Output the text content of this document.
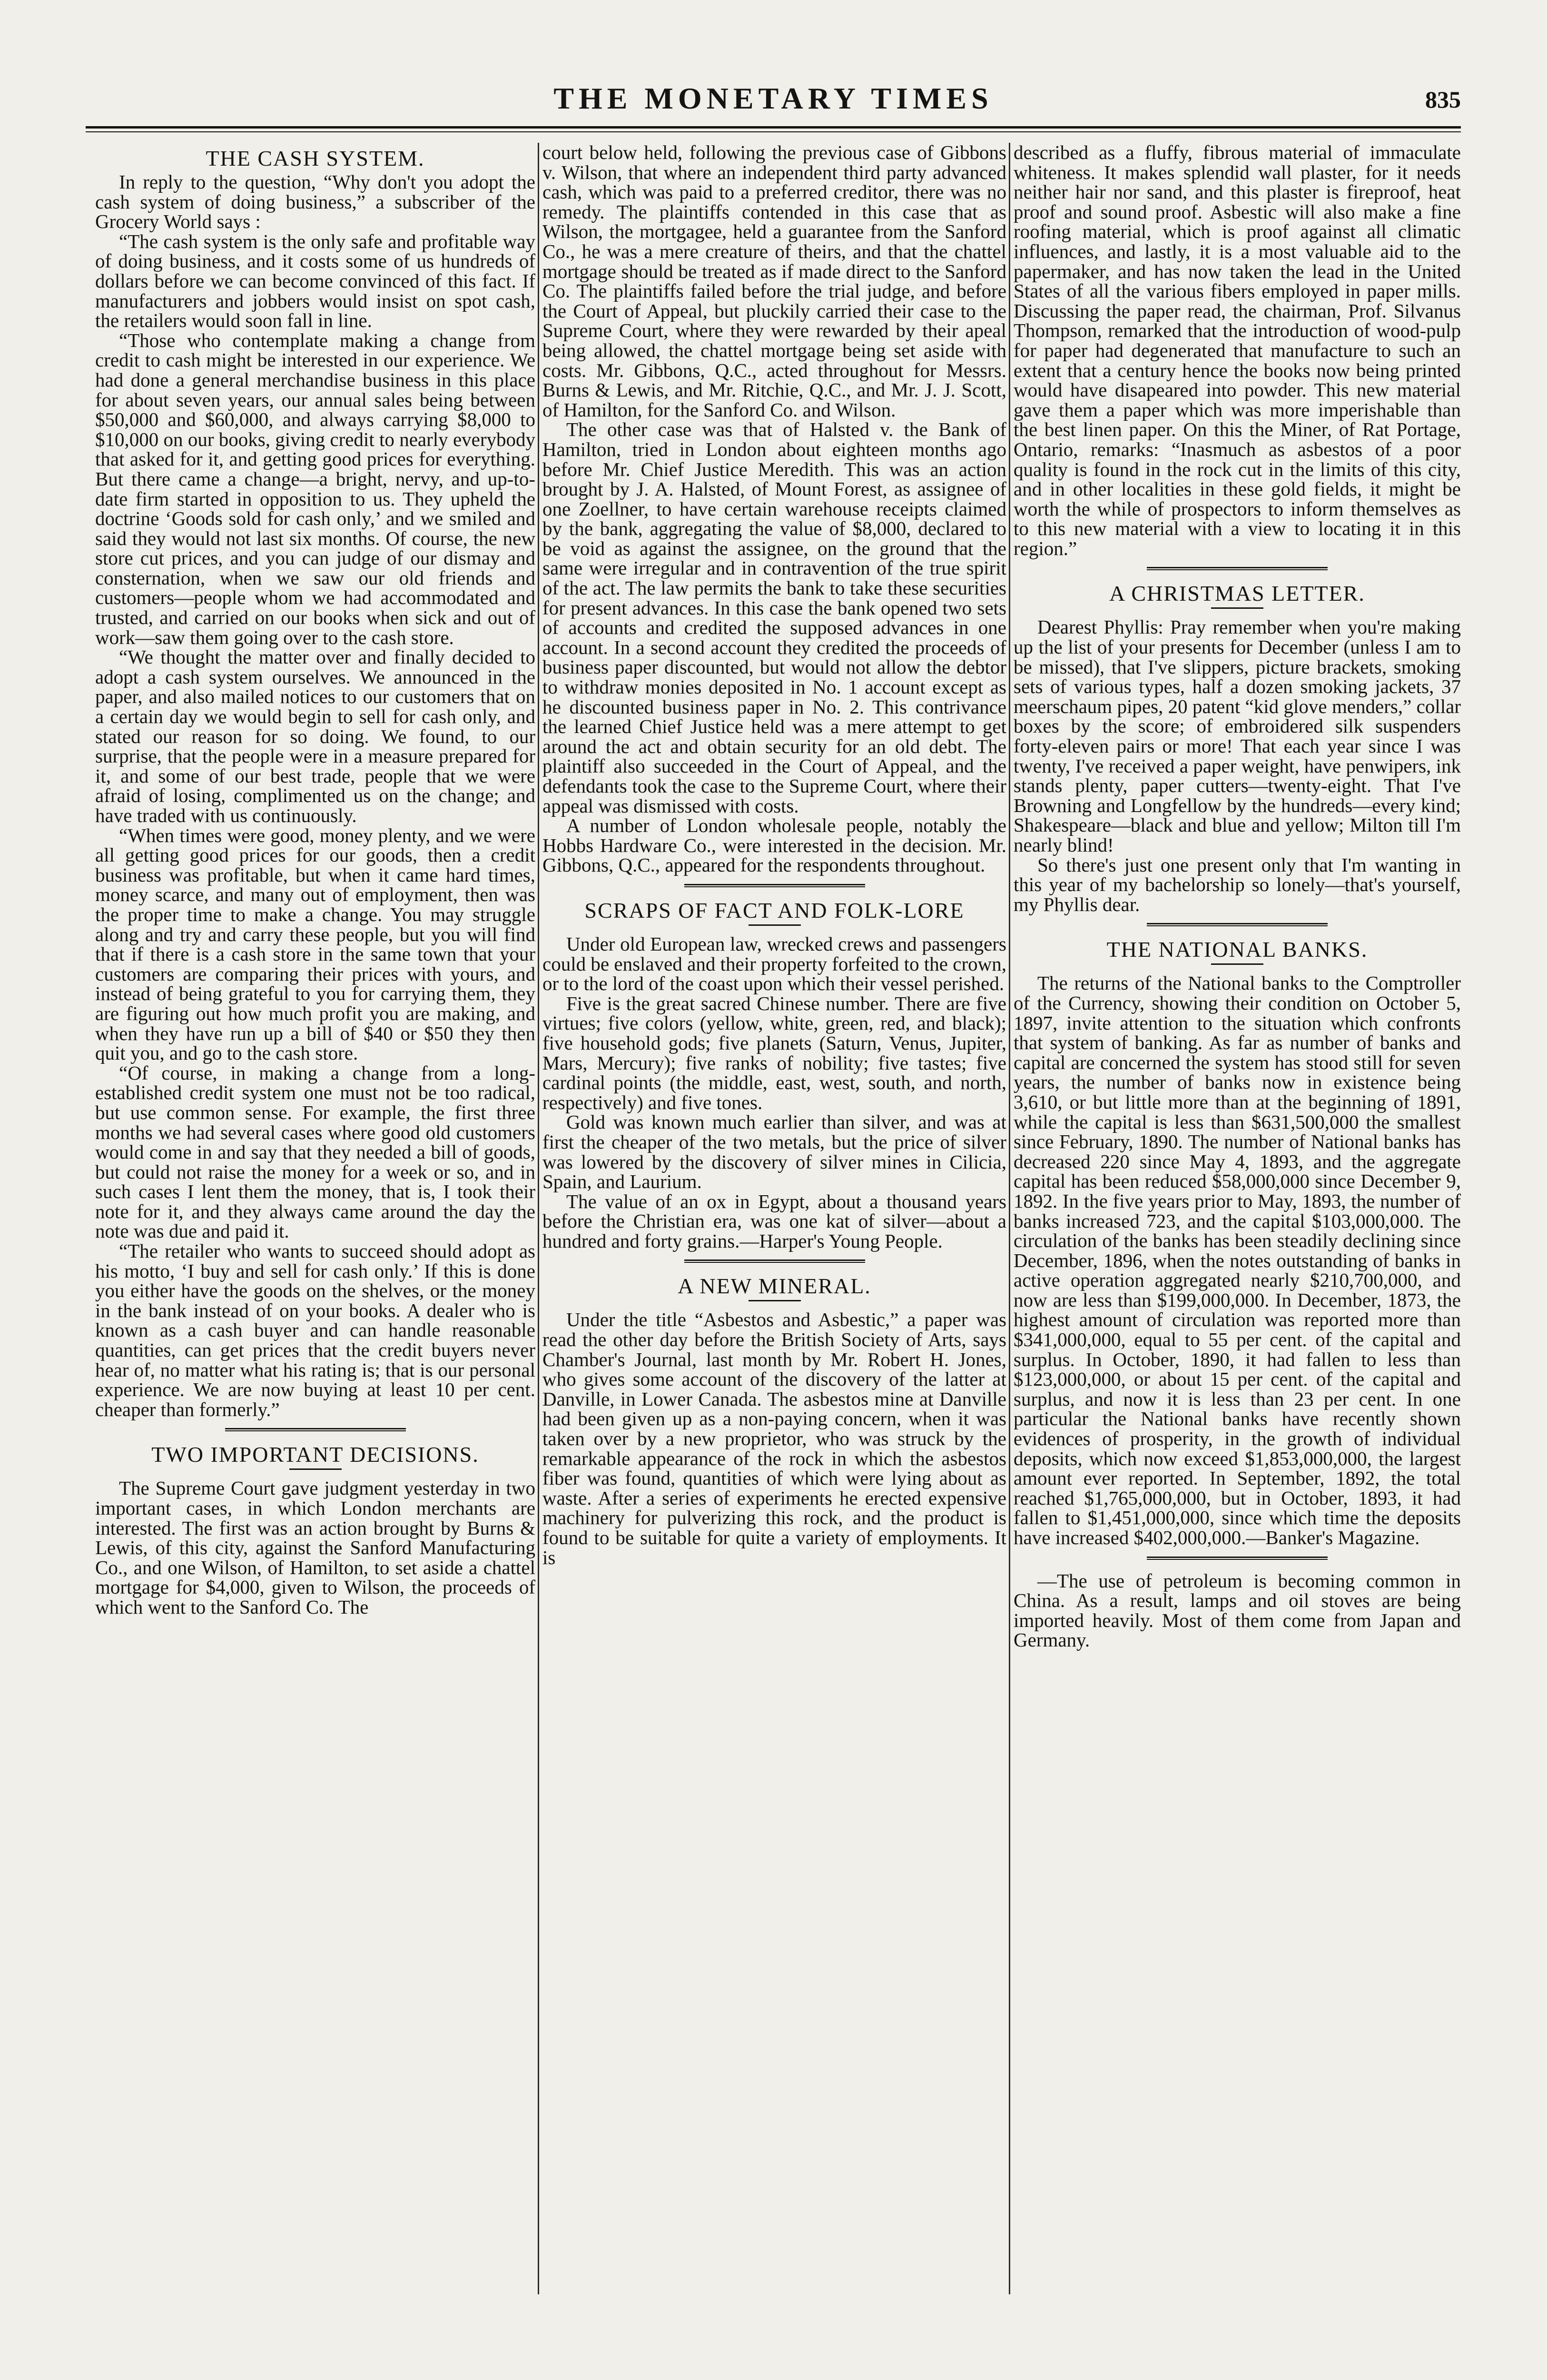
THE MONETARY TIMES	835
THE CASH SYSTEM.

In reply to the question, “Why don't you adopt the cash system of doing business,” a subscriber of the Grocery World says :

“The cash system is the only safe and profitable way of doing business, and it costs some of us hundreds of dollars before we can become convinced of this fact. If manufacturers and jobbers would insist on spot cash, the retailers would soon fall in line.

“Those who contemplate making a change from credit to cash might be interested in our experience. We had done a general merchandise business in this place for about seven years, our annual sales being between $50,000 and $60,000, and always carrying $8,000 to $10,000 on our books, giving credit to nearly everybody that asked for it, and getting good prices for everything. But there came a change—a bright, nervy, and up-to-date firm started in opposition to us. They upheld the doctrine ‘Goods sold for cash only,’ and we smiled and said they would not last six months. Of course, the new store cut prices, and you can judge of our dismay and consternation, when we saw our old friends and customers—people whom we had accommodated and trusted, and carried on our books when sick and out of work—saw them going over to the cash store.

“We thought the matter over and finally decided to adopt a cash system ourselves. We announced in the paper, and also mailed notices to our customers that on a certain day we would begin to sell for cash only, and stated our reason for so doing. We found, to our surprise, that the people were in a measure prepared for it, and some of our best trade, people that we were afraid of losing, complimented us on the change; and have traded with us continuously.

“When times were good, money plenty, and we were all getting good prices for our goods, then a credit business was profitable, but when it came hard times, money scarce, and many out of employment, then was the proper time to make a change. You may struggle along and try and carry these people, but you will find that if there is a cash store in the same town that your customers are comparing their prices with yours, and instead of being grateful to you for carrying them, they are figuring out how much profit you are making, and when they have run up a bill of $40 or $50 they then quit you, and go to the cash store.

“Of course, in making a change from a long-established credit system one must not be too radical, but use common sense. For example, the first three months we had several cases where good old customers would come in and say that they needed a bill of goods, but could not raise the money for a week or so, and in such cases I lent them the money, that is, I took their note for it, and they always came around the day the note was due and paid it.

“The retailer who wants to succeed should adopt as his motto, ‘I buy and sell for cash only.’ If this is done you either have the goods on the shelves, or the money in the bank instead of on your books. A dealer who is known as a cash buyer and can handle reasonable quantities, can get prices that the credit buyers never hear of, no matter what his rating is; that is our personal experience. We are now buying at least 10 per cent. cheaper than formerly.”

TWO IMPORTANT DECISIONS.

The Supreme Court gave judgment yesterday in two important cases, in which London merchants are interested. The first was an action brought by Burns & Lewis, of this city, against the Sanford Manufacturing Co., and one Wilson, of Hamilton, to set aside a chattel mortgage for $4,000, given to Wilson, the proceeds of which went to the Sanford Co. The

court below held, following the previous case of Gibbons v. Wilson, that where an independent third party advanced cash, which was paid to a preferred creditor, there was no remedy. The plaintiffs contended in this case that as Wilson, the mortgagee, held a guarantee from the Sanford Co., he was a mere creature of theirs, and that the chattel mortgage should be treated as if made direct to the Sanford Co. The plaintiffs failed before the trial judge, and before the Court of Appeal, but pluckily carried their case to the Supreme Court, where they were rewarded by their apeal being allowed, the chattel mortgage being set aside with costs. Mr. Gibbons, Q.C., acted throughout for Messrs. Burns & Lewis, and Mr. Ritchie, Q.C., and Mr. J. J. Scott, of Hamilton, for the Sanford Co. and Wilson.

The other case was that of Halsted v. the Bank of Hamilton, tried in London about eighteen months ago before Mr. Chief Justice Meredith. This was an action brought by J. A. Halsted, of Mount Forest, as assignee of one Zoellner, to have certain warehouse receipts claimed by the bank, aggregating the value of $8,000, declared to be void as against the assignee, on the ground that the same were irregular and in contravention of the true spirit of the act. The law permits the bank to take these securities for present advances. In this case the bank opened two sets of accounts and credited the supposed advances in one account. In a second account they credited the proceeds of business paper discounted, but would not allow the debtor to withdraw monies deposited in No. 1 account except as he discounted business paper in No. 2. This contrivance the learned Chief Justice held was a mere attempt to get around the act and obtain security for an old debt. The plaintiff also succeeded in the Court of Appeal, and the defendants took the case to the Supreme Court, where their appeal was dismissed with costs.

A number of London wholesale people, notably the Hobbs Hardware Co., were interested in the decision. Mr. Gibbons, Q.C., appeared for the respondents throughout.

SCRAPS OF FACT AND FOLK-LORE

Under old European law, wrecked crews and passengers could be enslaved and their property forfeited to the crown, or to the lord of the coast upon which their vessel perished.

Five is the great sacred Chinese number. There are five virtues; five colors (yellow, white, green, red, and black); five household gods; five planets (Saturn, Venus, Jupiter, Mars, Mercury); five ranks of nobility; five tastes; five cardinal points (the middle, east, west, south, and north, respectively) and five tones.

Gold was known much earlier than silver, and was at first the cheaper of the two metals, but the price of silver was lowered by the discovery of silver mines in Cilicia, Spain, and Laurium.

The value of an ox in Egypt, about a thousand years before the Christian era, was one kat of silver—about a hundred and forty grains.—Harper's Young People.

A NEW MINERAL.

Under the title “Asbestos and Asbestic,” a paper was read the other day before the British Society of Arts, says Chamber's Journal, last month by Mr. Robert H. Jones, who gives some account of the discovery of the latter at Danville, in Lower Canada. The asbestos mine at Danville had been given up as a non-paying concern, when it was taken over by a new proprietor, who was struck by the remarkable appearance of the rock in which the asbestos fiber was found, quantities of which were lying about as waste. After a series of experiments he erected expensive machinery for pulverizing this rock, and the product is found to be suitable for quite a variety of employments. It is

described as a fluffy, fibrous material of immaculate whiteness. It makes splendid wall plaster, for it needs neither hair nor sand, and this plaster is fireproof, heat proof and sound proof. Asbestic will also make a fine roofing material, which is proof against all climatic influences, and lastly, it is a most valuable aid to the papermaker, and has now taken the lead in the United States of all the various fibers employed in paper mills. Discussing the paper read, the chairman, Prof. Silvanus Thompson, remarked that the introduction of wood-pulp for paper had degenerated that manufacture to such an extent that a century hence the books now being printed would have disapeared into powder. This new material gave them a paper which was more imperishable than the best linen paper. On this the Miner, of Rat Portage, Ontario, remarks: “Inasmuch as asbestos of a poor quality is found in the rock cut in the limits of this city, and in other localities in these gold fields, it might be worth the while of prospectors to inform themselves as to this new material with a view to locating it in this region.”

A CHRISTMAS LETTER.

Dearest Phyllis: Pray remember when you're making up the list of your presents for December (unless I am to be missed), that I've slippers, picture brackets, smoking sets of various types, half a dozen smoking jackets, 37 meerschaum pipes, 20 patent “kid glove menders,” collar boxes by the score; of embroidered silk suspenders forty-eleven pairs or more! That each year since I was twenty, I've received a paper weight, have penwipers, ink stands plenty, paper cutters—twenty-eight. That I've Browning and Longfellow by the hundreds—every kind; Shakespeare—black and blue and yellow; Milton till I'm nearly blind!

So there's just one present only that I'm wanting in this year of my bachelorship so lonely—that's yourself, my Phyllis dear.

THE NATIONAL BANKS.

The returns of the National banks to the Comptroller of the Currency, showing their condition on October 5, 1897, invite attention to the situation which confronts that system of banking. As far as number of banks and capital are concerned the system has stood still for seven years, the number of banks now in existence being 3,610, or but little more than at the beginning of 1891, while the capital is less than $631,500,000 the smallest since February, 1890. The number of National banks has decreased 220 since May 4, 1893, and the aggregate capital has been reduced $58,000,000 since December 9, 1892. In the five years prior to May, 1893, the number of banks increased 723, and the capital $103,000,000. The circulation of the banks has been steadily declining since December, 1896, when the notes outstanding of banks in active operation aggregated nearly $210,700,000, and now are less than $199,000,000. In December, 1873, the highest amount of circulation was reported more than $341,000,000, equal to 55 per cent. of the capital and surplus. In October, 1890, it had fallen to less than $123,000,000, or about 15 per cent. of the capital and surplus, and now it is less than 23 per cent. In one particular the National banks have recently shown evidences of prosperity, in the growth of individual deposits, which now exceed $1,853,000,000, the largest amount ever reported. In September, 1892, the total reached $1,765,000,000, but in October, 1893, it had fallen to $1,451,000,000, since which time the deposits have increased $402,000,000.—Banker's Magazine.

—The use of petroleum is becoming common in China. As a result, lamps and oil stoves are being imported heavily. Most of them come from Japan and Germany.
